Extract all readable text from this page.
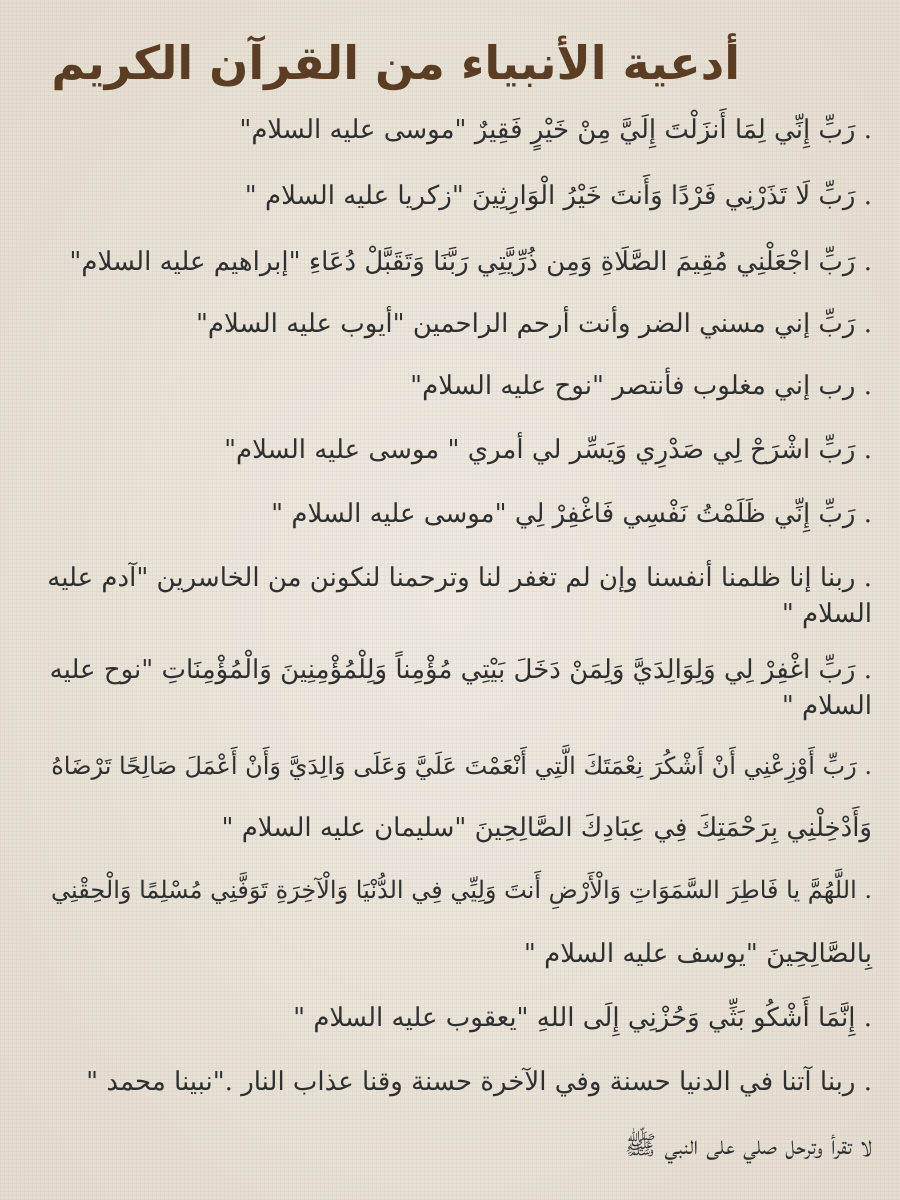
أدعية الأنبياء من القرآن الكريم
. رَبِّ إِنِّي لِمَا أَنزَلْتَ إِلَيَّ مِنْ خَيْرٍ فَقِيرٌ "موسى عليه السلام"
. رَبِّ لَا تَذَرْنِي فَرْدًا وَأَنتَ خَيْرُ الْوَارِثِينَ "زكريا عليه السلام "
. رَبِّ اجْعَلْنِي مُقِيمَ الصَّلَاةِ وَمِن ذُرِّيَّتِي رَبَّنَا وَتَقَبَّلْ دُعَاءِ "إبراهيم عليه السلام"
. رَبِّ إني مسني الضر وأنت أرحم الراحمين "أيوب عليه السلام"
. رب إني مغلوب فأنتصر "نوح عليه السلام"
. رَبِّ اشْرَحْ لِي صَدْرِي وَيَسِّر لي أمري " موسى عليه السلام"
. رَبِّ إِنِّي ظَلَمْتُ نَفْسِي فَاغْفِرْ لِي "موسى عليه السلام "
. ربنا إنا ظلمنا أنفسنا وإن لم تغفر لنا وترحمنا لنكونن من الخاسرين "آدم عليه السلام "
. رَبِّ اغْفِرْ لِي وَلِوَالِدَيَّ وَلِمَنْ دَخَلَ بَيْتِي مُؤْمِناً وَلِلْمُؤْمِنِينَ وَالْمُؤْمِنَاتِ "نوح عليه السلام "
. رَبِّ أَوْزِعْنِي أَنْ أَشْكُرَ نِعْمَتَكَ الَّتِي أَنْعَمْتَ عَلَيَّ وَعَلَى وَالِدَيَّ وَأَنْ أَعْمَلَ صَالِحًا تَرْضَاهُ
وَأَدْخِلْنِي بِرَحْمَتِكَ فِي عِبَادِكَ الصَّالِحِينَ "سليمان عليه السلام "
. اللَّهُمَّ يا فَاطِرَ السَّمَوَاتِ وَالْأَرْضِ أَنتَ وَلِيِّي فِي الدُّنْيَا وَالْآخِرَةِ تَوَفَّنِي مُسْلِمًا وَالْحِقْنِي
بِالصَّالِحِينَ "يوسف عليه السلام "
. إِنَّمَا أَشْكُو بَثِّي وَحُزْنِي إِلَى اللهِ "يعقوب عليه السلام "
. ربنا آتنا في الدنيا حسنة وفي الآخرة حسنة وقنا عذاب النار ."نبينا محمد "
لا تقرأ وترحل صلي على النبي ﷺ
